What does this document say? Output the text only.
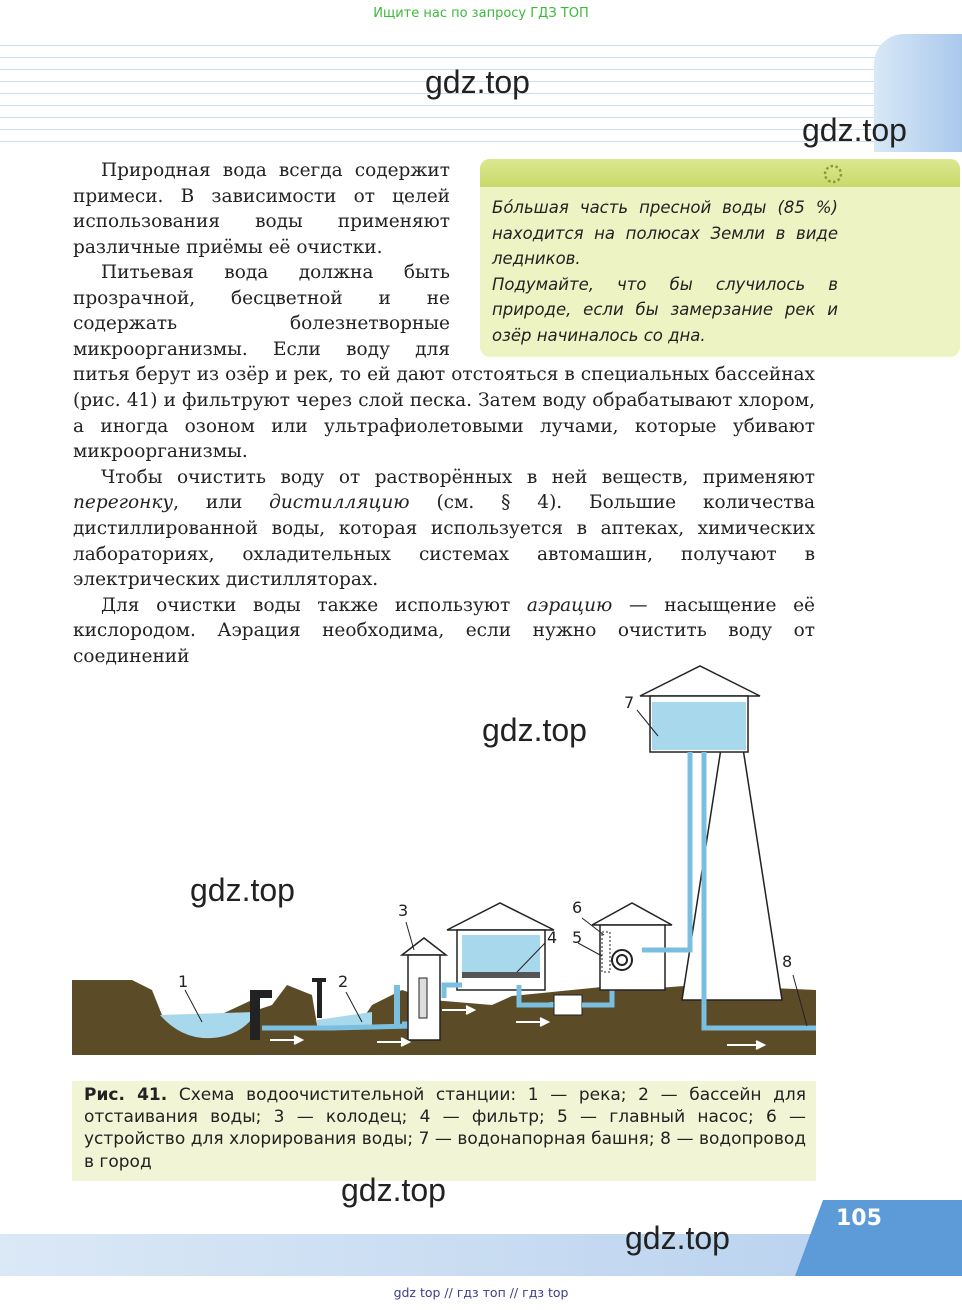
Ищите нас по запросу ГДЗ ТОП
gdz.top
gdz.top

Природная вода всегда содержит примеси. В зависимости от целей использования воды применяют различные приёмы её очистки.

Питьевая вода должна быть прозрачной, бесцветной и не содержать болезнетворные микроорганизмы. Если воду для питья берут из озёр и рек, то ей дают отстояться в специальных бассейнах (рис. 41) и фильтруют через слой песка. Затем воду обрабатывают хлором, а иногда озоном или ультрафиолетовыми лучами, которые убивают микроорганизмы.

Чтобы очистить воду от растворённых в ней веществ, применяют перегонку, или дистилляцию (см. § 4). Большие количества дистиллированной воды, которая используется в аптеках, химических лабораториях, охладительных системах автомашин, получают в электрических дистилляторах.

Для очистки воды также используют аэрацию — насыщение её кислородом. Аэрация необходима, если нужно очистить воду от соединений

Бóльшая часть пресной воды (85 %) находится на полюсах Земли в виде ледников.

Подумайте, что бы случилось в природе, если бы замерзание рек и озёр начиналось со дна.

1	2
3
4 5
6
7
8
gdz.top
gdz.top
Рис. 41. Схема водоочистительной станции: 1 — река; 2 — бассейн для отстаивания воды; 3 — колодец; 4 — фильтр; 5 — главный насос; 6 — устройство для хлорирования воды; 7 — водонапорная башня; 8 — водопровод в город
gdz.top
105
gdz.top
gdz top // гдз топ // гдз top
